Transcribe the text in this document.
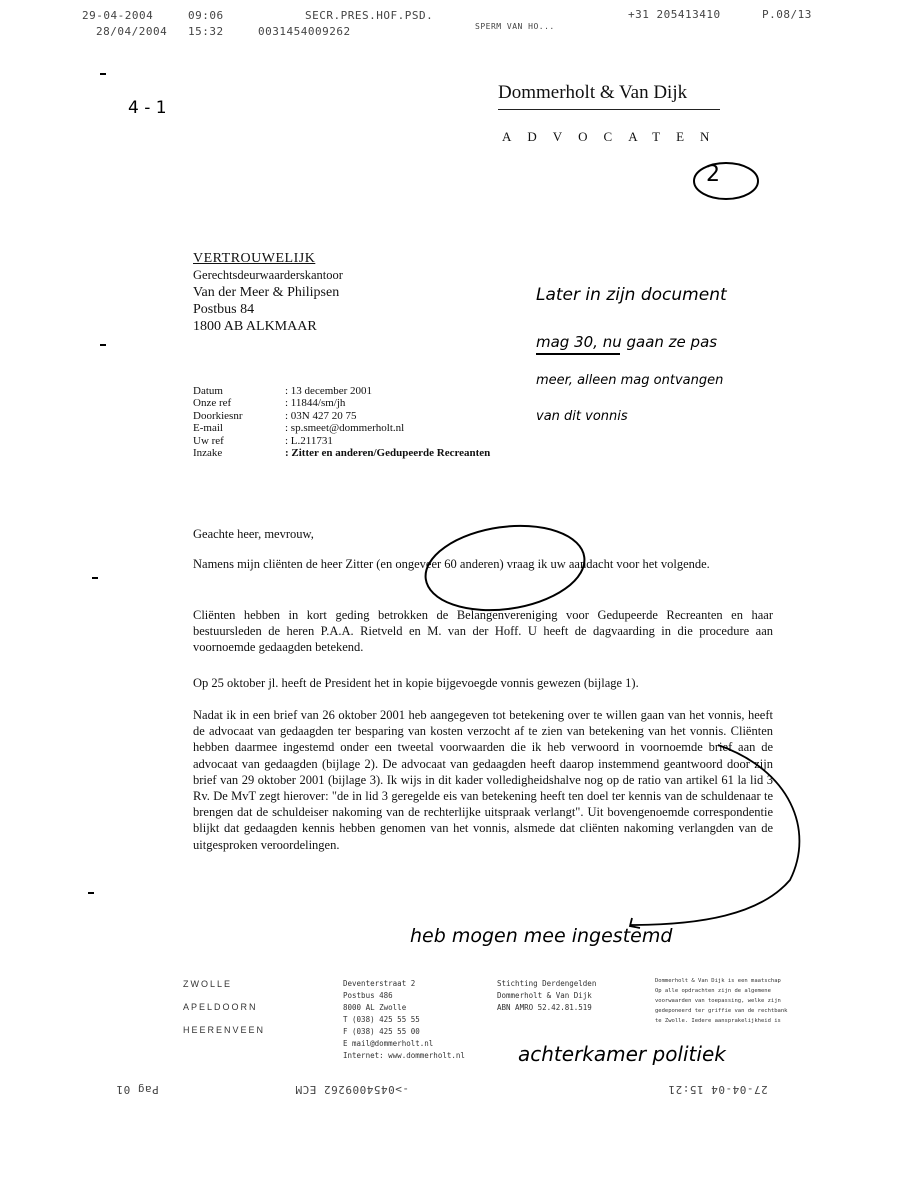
29-04-2004	09:06	SECR.PRES.HOF.PSD.	+31 205413410	P.08/13
28/04/2004 15:32	0031454009262	SPERM VAN HO...
4 - 1
Dommerholt & Van Dijk
ADVOCATEN
2
VERTROUWELIJK
Gerechtsdeurwaarderskantoor
Van der Meer & Philipsen
Postbus 84
1800 AB ALKMAAR
Later in zijn document
mag 30, nu gaan ze pas
meer, alleen mag ontvangen
van dit vonnis
Datum	: 13 december 2001
Onze ref	: 11844/sm/jh
Doorkiesnr	: 03N 427 20 75
E-mail	: sp.smeet@dommerholt.nl
Uw ref	: L.211731
Inzake	: Zitter en anderen/Gedupeerde Recreanten
Geachte heer, mevrouw,
Namens mijn cliënten de heer Zitter (en ongeveer 60 anderen) vraag ik uw aandacht voor het volgende.
Cliënten hebben in kort geding betrokken de Belangenvereniging voor Gedupeerde Recreanten en haar bestuursleden de heren P.A.A. Rietveld en M. van der Hoff. U heeft de dagvaarding in die procedure aan voornoemde gedaagden betekend.
Op 25 oktober jl. heeft de President het in kopie bijgevoegde vonnis gewezen (bijlage 1).
Nadat ik in een brief van 26 oktober 2001 heb aangegeven tot betekening over te willen gaan van het vonnis, heeft de advocaat van gedaagden ter besparing van kosten verzocht af te zien van betekening van het vonnis. Cliënten hebben daarmee ingestemd onder een tweetal voorwaarden die ik heb verwoord in voornoemde brief aan de advocaat van gedaagden (bijlage 2). De advocaat van gedaagden heeft daarop instemmend geantwoord door zijn brief van 29 oktober 2001 (bijlage 3). Ik wijs in dit kader volledigheidshalve nog op de ratio van artikel 61 la lid 3 Rv. De MvT zegt hierover: "de in lid 3 geregelde eis van betekening heeft ten doel ter kennis van de schuldenaar te brengen dat de schuldeiser nakoming van de rechterlijke uitspraak verlangt". Uit bovengenoemde correspondentie blijkt dat gedaagden kennis hebben genomen van het vonnis, alsmede dat cliënten nakoming verlangden van de uitgesproken veroordelingen.
heb mogen mee ingestemd
achterkamer politiek
ZWOLLE
APELDOORN
HEERENVEEN
Deventerstraat 2
Postbus 486
8000 AL Zwolle
T (038) 425 55 55
F (038) 425 55 00
E mail@dommerholt.nl
Internet: www.dommerholt.nl
Stichting Derdengelden
Dommerholt & Van Dijk
ABN AMRO 52.42.81.519
Dommerholt & Van Dijk is een maatschap
Op alle opdrachten zijn de algemene
voorwaarden van toepassing, welke zijn
gedeponeerd ter griffie van de rechtbank
te Zwolle. Iedere aansprakelijkheid is
Pag 01	->0454009262 ECM	27-04-04 15:21
